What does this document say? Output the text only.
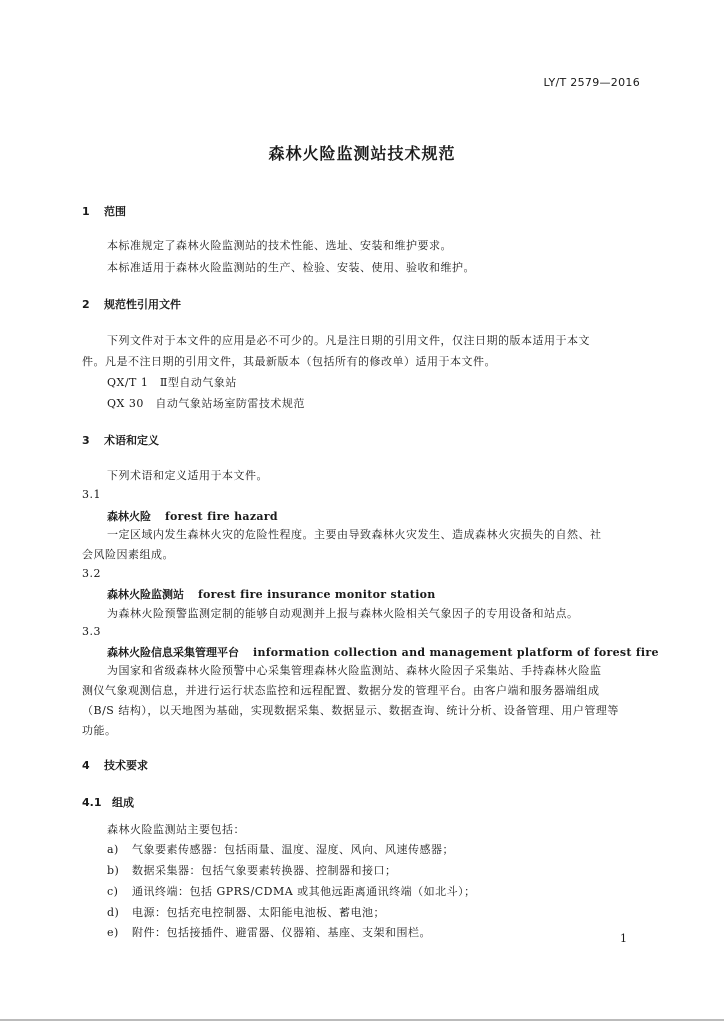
LY/T 2579—2016
森林火险监测站技术规范
1 范围
本标准规定了森林火险监测站的技术性能、选址、安装和维护要求。
本标准适用于森林火险监测站的生产、检验、安装、使用、验收和维护。
2 规范性引用文件
下列文件对于本文件的应用是必不可少的。凡是注日期的引用文件，仅注日期的版本适用于本文
件。凡是不注日期的引用文件，其最新版本（包括所有的修改单）适用于本文件。
QX/T 1　Ⅱ型自动气象站
QX 30　自动气象站场室防雷技术规范
3 术语和定义
下列术语和定义适用于本文件。
3.1
森林火险 forest fire hazard
一定区域内发生森林火灾的危险性程度。主要由导致森林火灾发生、造成森林火灾损失的自然、社
会风险因素组成。
3.2
森林火险监测站 forest fire insurance monitor station
为森林火险预警监测定制的能够自动观测并上报与森林火险相关气象因子的专用设备和站点。
3.3
森林火险信息采集管理平台 information collection and management platform of forest fire
为国家和省级森林火险预警中心采集管理森林火险监测站、森林火险因子采集站、手持森林火险监
测仪气象观测信息，并进行运行状态监控和远程配置、数据分发的管理平台。由客户端和服务器端组成
（B/S 结构），以天地图为基础，实现数据采集、数据显示、数据查询、统计分析、设备管理、用户管理等
功能。
4 技术要求
4.1 组成
森林火险监测站主要包括：
a) 气象要素传感器：包括雨量、温度、湿度、风向、风速传感器；
b) 数据采集器：包括气象要素转换器、控制器和接口；
c) 通讯终端：包括 GPRS/CDMA 或其他远距离通讯终端（如北斗）；
d) 电源：包括充电控制器、太阳能电池板、蓄电池；
e) 附件：包括接插件、避雷器、仪器箱、基座、支架和围栏。	1
